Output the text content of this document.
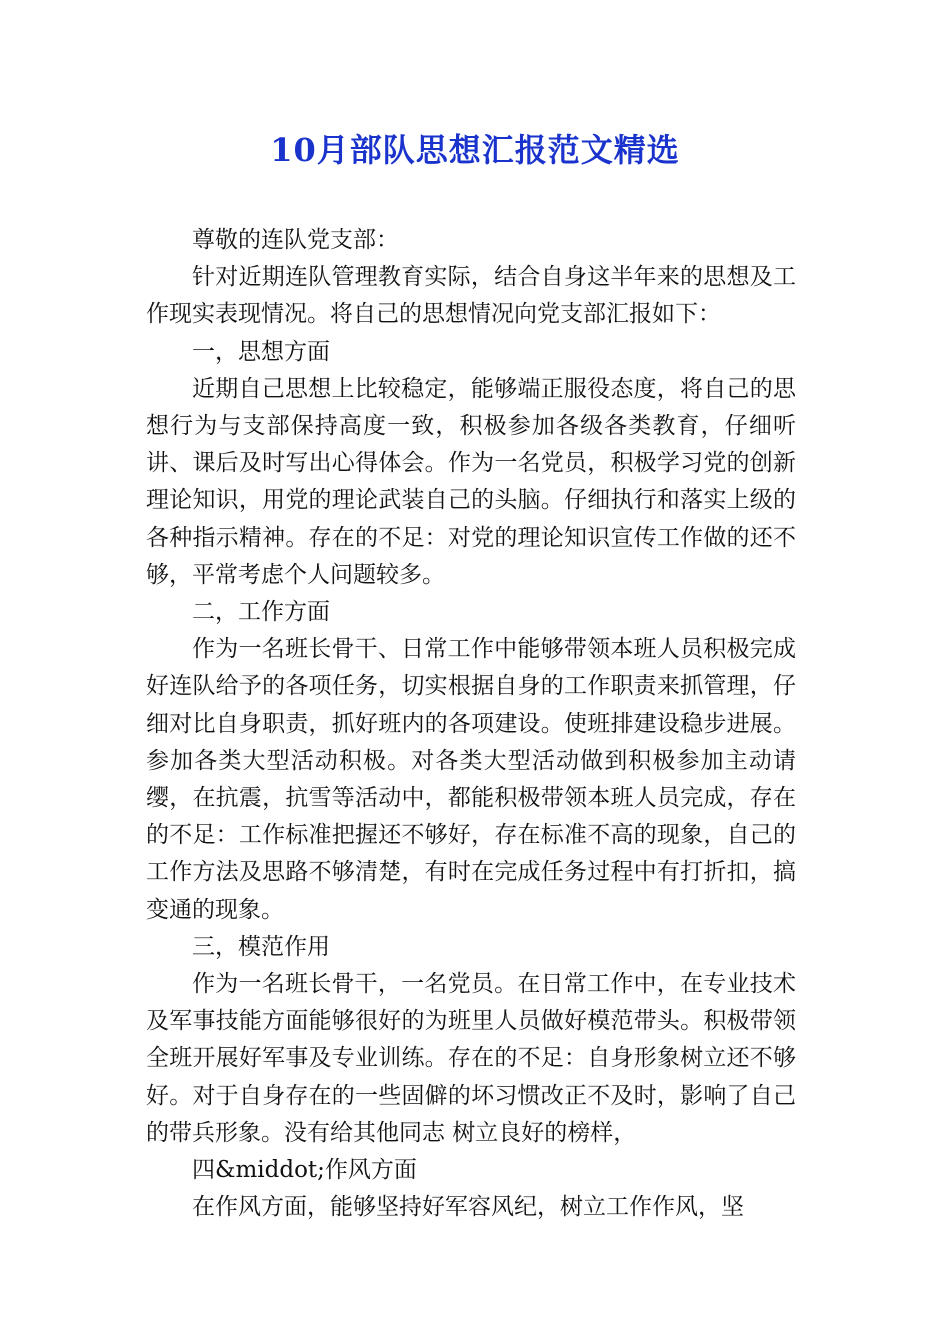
10月部队思想汇报范文精选

尊敬的连队党支部：

针对近期连队管理教育实际，结合自身这半年来的思想及工作现实表现情况。将自己的思想情况向党支部汇报如下：

一，思想方面

近期自己思想上比较稳定，能够端正服役态度，将自己的思想行为与支部保持高度一致，积极参加各级各类教育，仔细听讲、课后及时写出心得体会。作为一名党员，积极学习党的创新理论知识，用党的理论武装自己的头脑。仔细执行和落实上级的各种指示精神。存在的不足：对党的理论知识宣传工作做的还不够，平常考虑个人问题较多。

二，工作方面

作为一名班长骨干、日常工作中能够带领本班人员积极完成好连队给予的各项任务，切实根据自身的工作职责来抓管理，仔细对比自身职责，抓好班内的各项建设。使班排建设稳步进展。参加各类大型活动积极。对各类大型活动做到积极参加主动请缨，在抗震，抗雪等活动中，都能积极带领本班人员完成，存在的不足：工作标准把握还不够好，存在标准不高的现象，自己的工作方法及思路不够清楚，有时在完成任务过程中有打折扣，搞变通的现象。

三，模范作用

作为一名班长骨干，一名党员。在日常工作中，在专业技术及军事技能方面能够很好的为班里人员做好模范带头。积极带领全班开展好军事及专业训练。存在的不足：自身形象树立还不够好。对于自身存在的一些固僻的坏习惯改正不及时，影响了自己的带兵形象。没有给其他同志 树立良好的榜样，

四&middot;作风方面

在作风方面，能够坚持好军容风纪，树立工作作风，坚
